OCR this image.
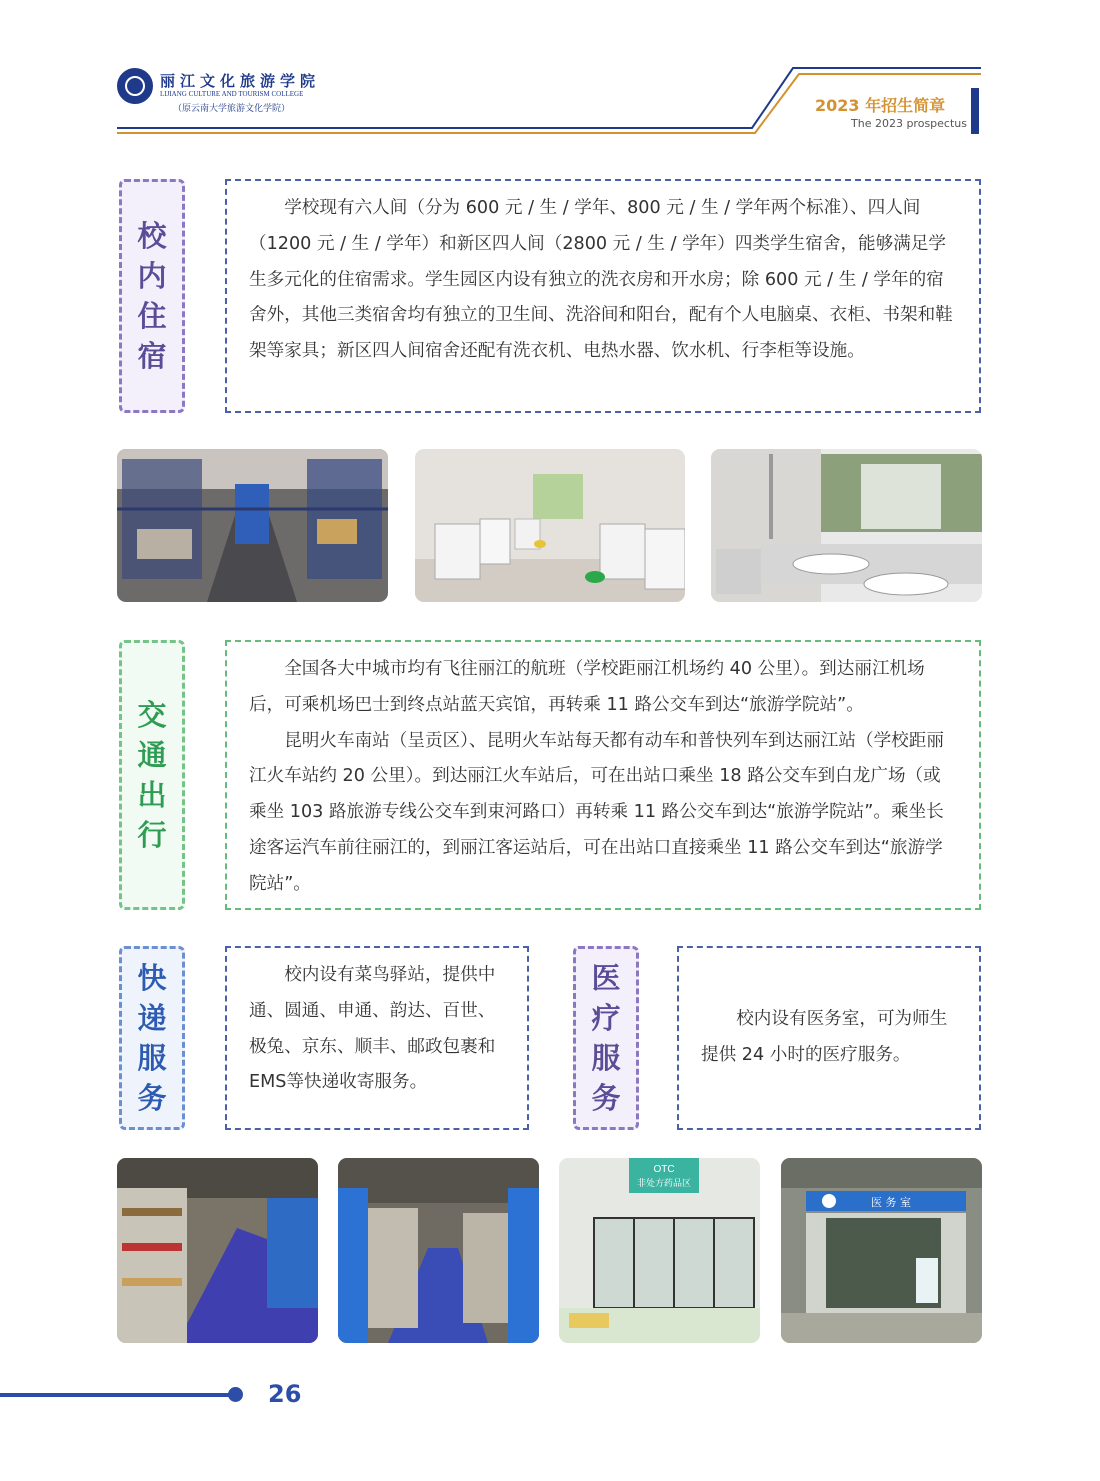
丽江文化旅游学院
LIJIANG CULTURE AND TOURISM COLLEGE
（原云南大学旅游文化学院）	2023 年招生简章
The 2023 prospectus
校
内
住
宿

学校现有六人间（分为 600 元 / 生 / 学年、800 元 / 生 / 学年两个标准）、四人间（1200 元 / 生 / 学年）和新区四人间（2800 元 / 生 / 学年）四类学生宿舍，能够满足学生多元化的住宿需求。学生园区内设有独立的洗衣房和开水房；除 600 元 / 生 / 学年的宿舍外，其他三类宿舍均有独立的卫生间、洗浴间和阳台，配有个人电脑桌、衣柜、书架和鞋架等家具；新区四人间宿舍还配有洗衣机、电热水器、饮水机、行李柜等设施。

交
通
出
行

全国各大中城市均有飞往丽江的航班（学校距丽江机场约 40 公里）。到达丽江机场后，可乘机场巴士到终点站蓝天宾馆，再转乘 11 路公交车到达“旅游学院站”。

昆明火车南站（呈贡区）、昆明火车站每天都有动车和普快列车到达丽江站（学校距丽江火车站约 20 公里）。到达丽江火车站后，可在出站口乘坐 18 路公交车到白龙广场（或乘坐 103 路旅游专线公交车到束河路口）再转乘 11 路公交车到达“旅游学院站”。乘坐长途客运汽车前往丽江的，到丽江客运站后，可在出站口直接乘坐 11 路公交车到达“旅游学院站”。

快
递
服
务

校内设有菜鸟驿站，提供中通、圆通、申通、韵达、百世、极兔、京东、顺丰、邮政包裹和EMS等快递收寄服务。

医
疗
服
务

校内设有医务室，可为师生提供 24 小时的医疗服务。

OTC
非处方药品区
医 务 室
26
